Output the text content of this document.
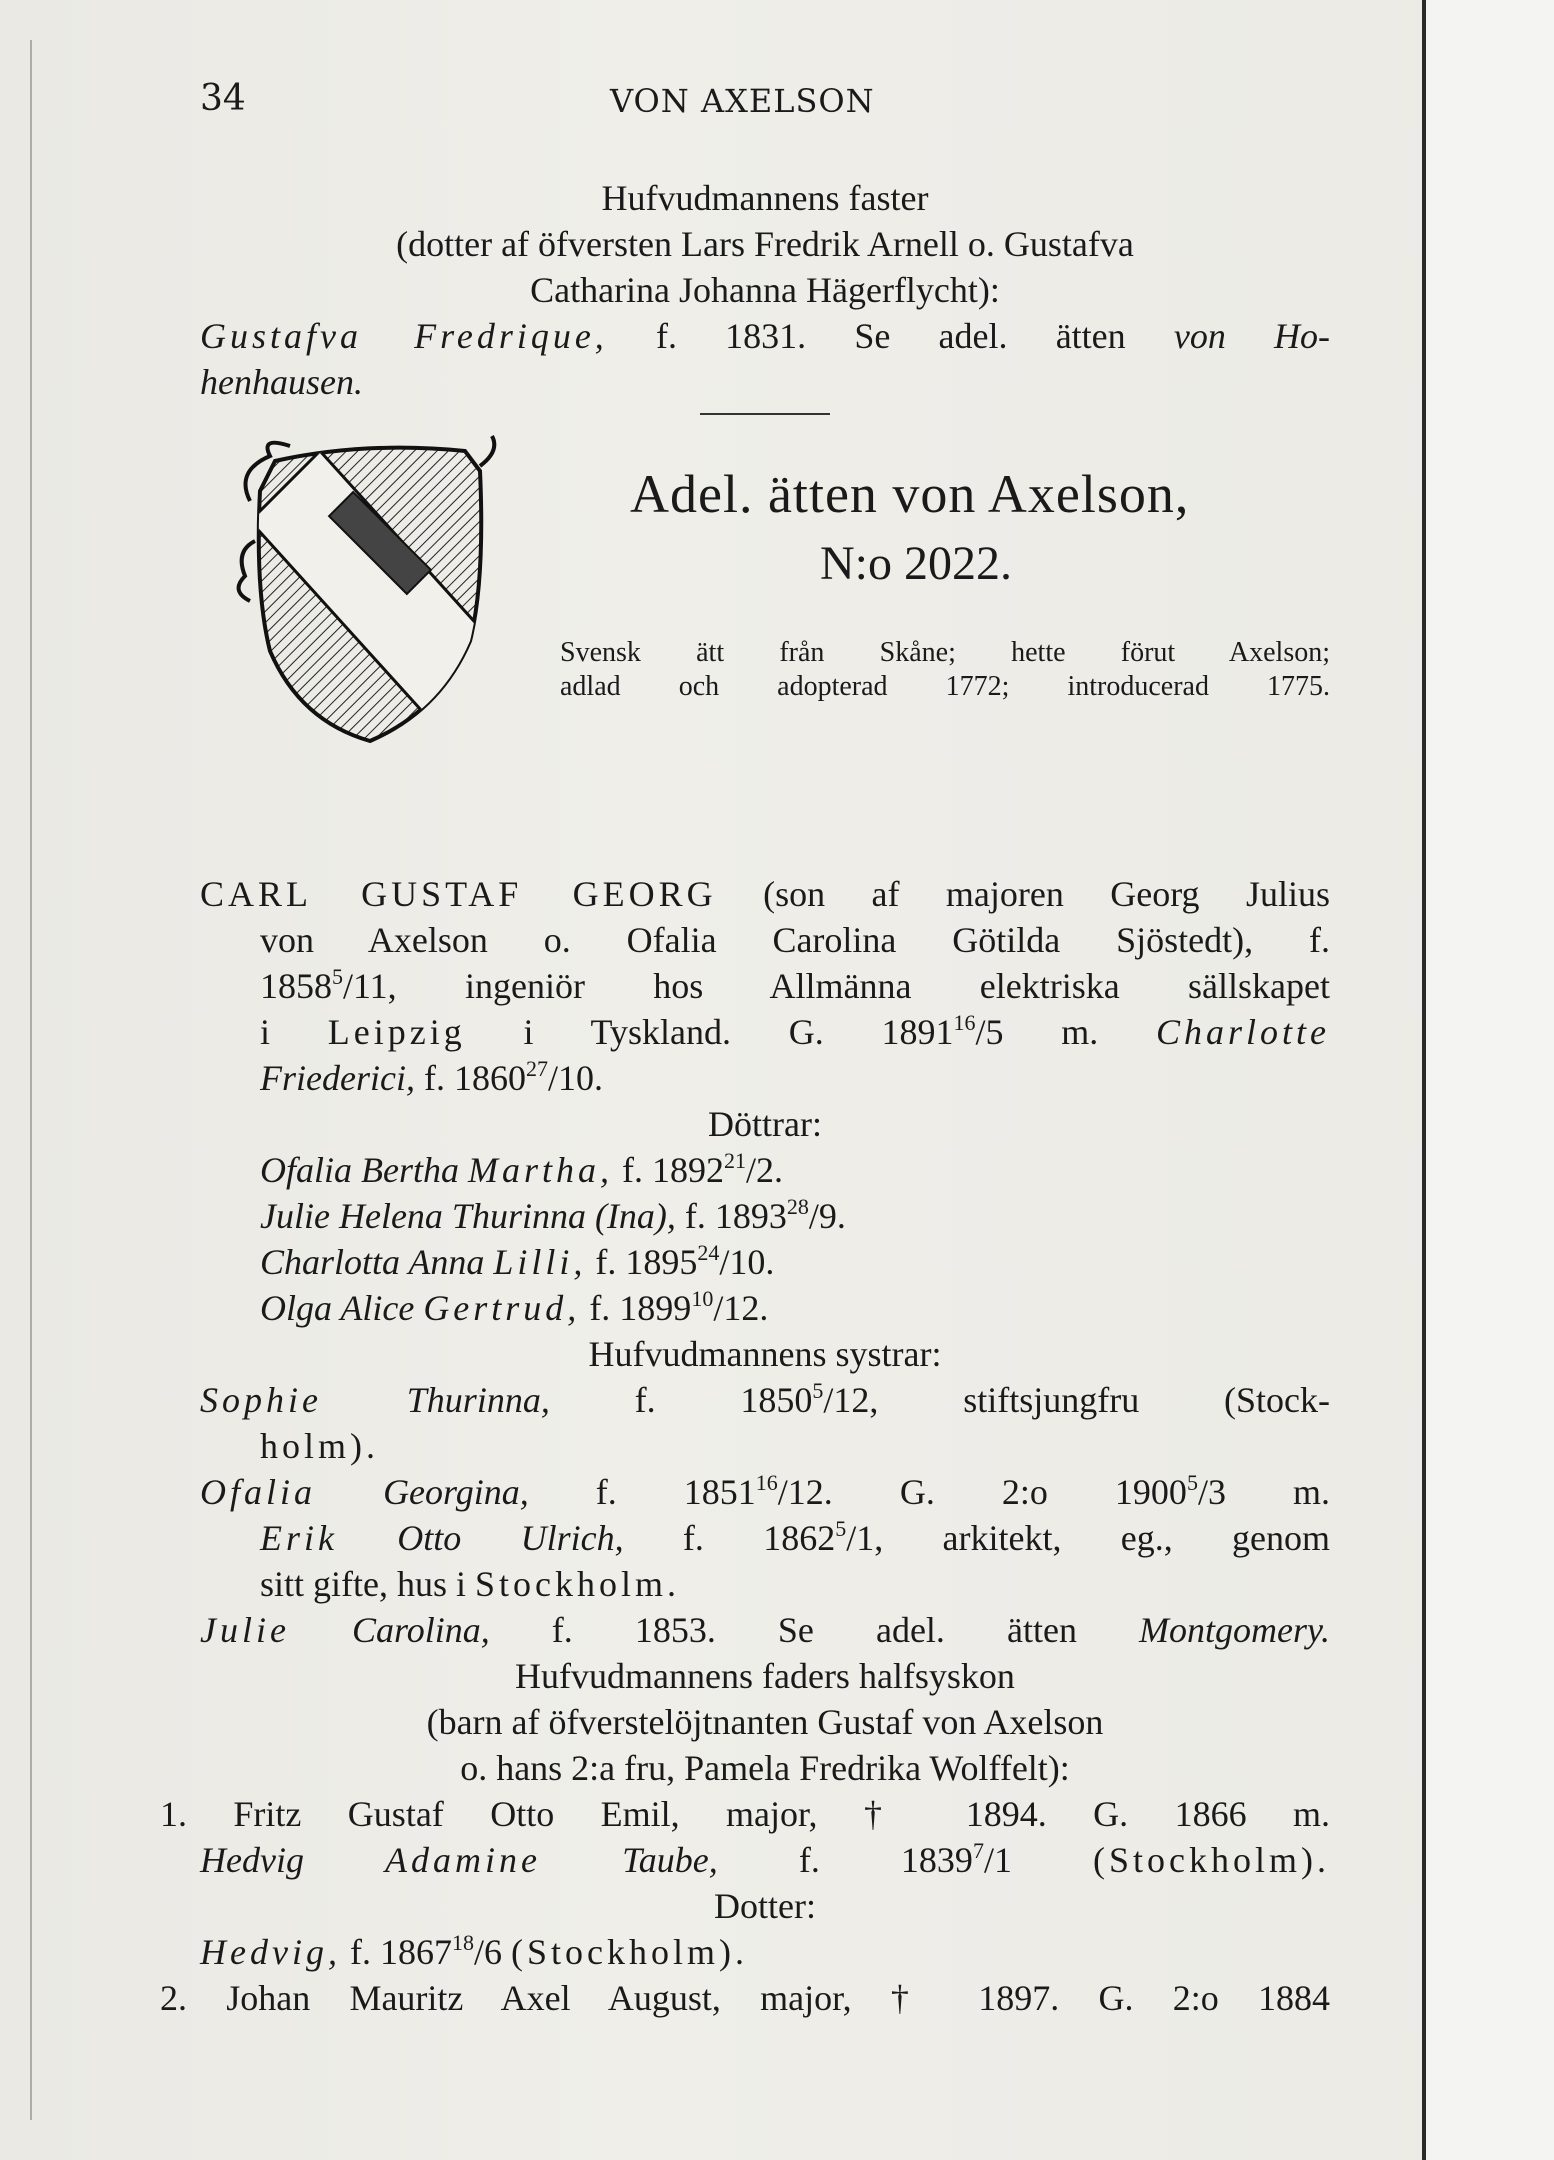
34	VON AXELSON
Hufvudmannens faster
(dotter af öfversten Lars Fredrik Arnell o. Gustafva
Catharina Johanna Hägerflycht):
Gustafva Fredrique, f. 1831. Se adel. ätten von Ho-
henhausen.
Adel. ätten von Axelson,
N:o 2022.
Svensk ätt från Skåne; hette förut Axelson;
adlad och adopterad 1772; introducerad 1775.
CARL GUSTAF GEORG (son af majoren Georg Julius
von Axelson o. Ofalia Carolina Götilda Sjöstedt), f.
1858$^5$/11, ingeniör hos Allmänna elektriska sällskapet
i Leipzig i Tyskland. G. 1891$^{16}$/5 m. Charlotte
Friederici, f. 1860$^{27}$/10.
Döttrar:
Ofalia Bertha Martha, f. 1892$^{21}$/2.
Julie Helena Thurinna (Ina), f. 1893$^{28}$/9.
Charlotta Anna Lilli, f. 1895$^{24}$/10.
Olga Alice Gertrud, f. 1899$^{10}$/12.
Hufvudmannens systrar:
Sophie Thurinna, f. 1850$^5$/12, stiftsjungfru (Stock-
holm).
Ofalia Georgina, f. 1851$^{16}$/12. G. 2:o 1900$^5$/3 m.
Erik Otto Ulrich, f. 1862$^5$/1, arkitekt, eg., genom
sitt gifte, hus i Stockholm.
Julie Carolina, f. 1853. Se adel. ätten Montgomery.
Hufvudmannens faders halfsyskon
(barn af öfverstelöjtnanten Gustaf von Axelson
o. hans 2:a fru, Pamela Fredrika Wolffelt):
1. Fritz Gustaf Otto Emil, major, † 1894. G. 1866 m.
Hedvig Adamine Taube, f. 1839$^7$/1 (Stockholm).
Dotter:
Hedvig, f. 1867$^{18}$/6 (Stockholm).
2. Johan Mauritz Axel August, major, † 1897. G. 2:o 1884
